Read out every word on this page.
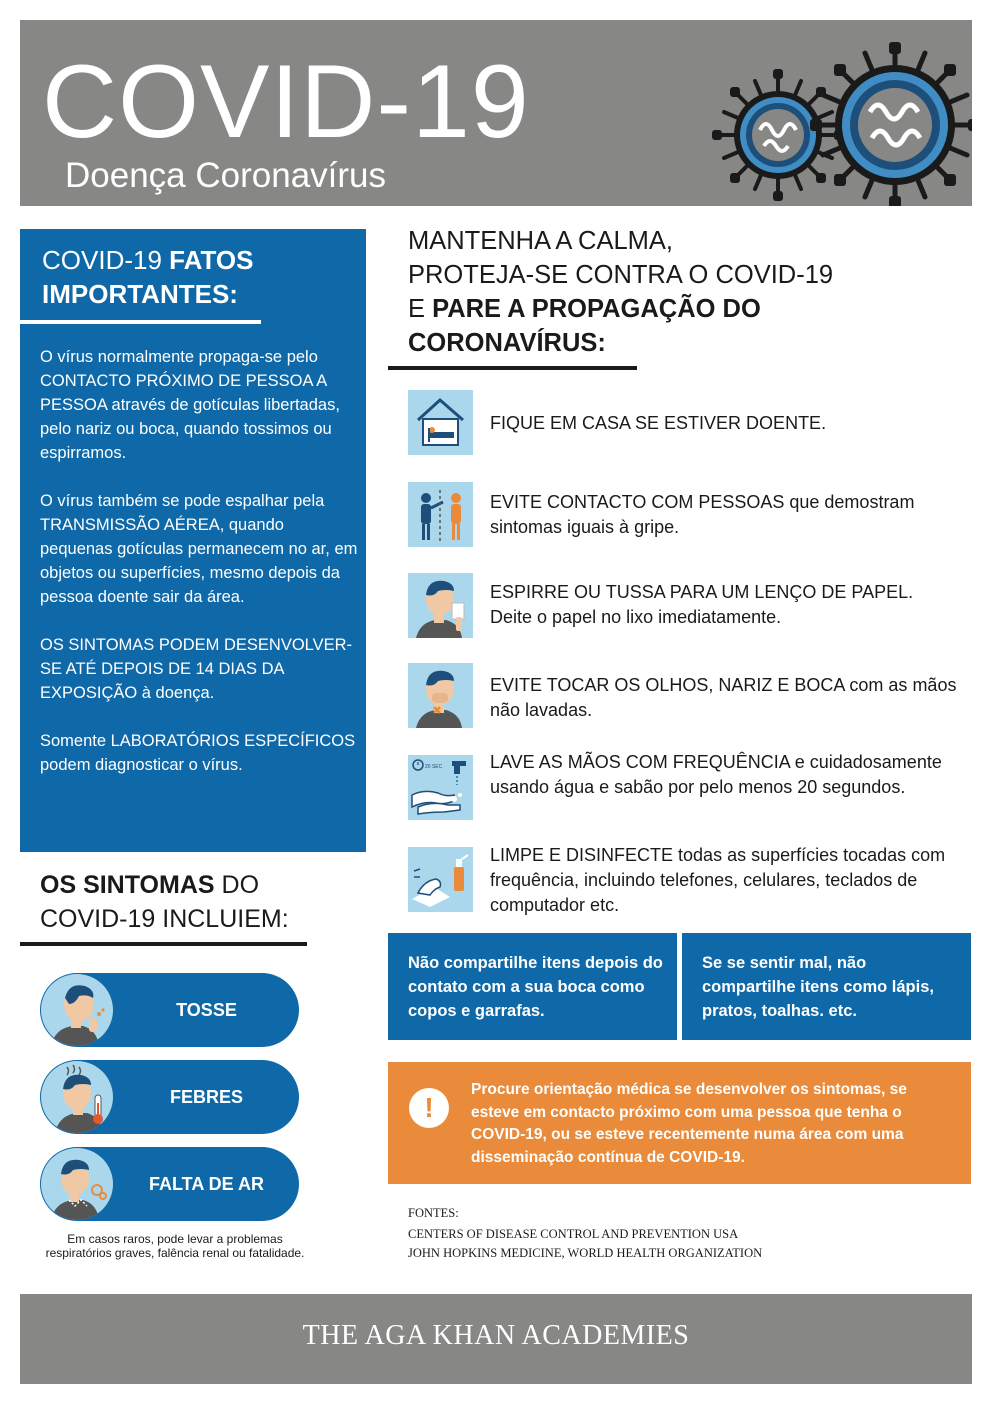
COVID-19
Doença Coronavírus
COVID-19 FATOS IMPORTANTES:

O vírus normalmente propaga-se pelo CONTACTO PRÓXIMO DE PESSOA A PESSOA através de gotículas libertadas, pelo nariz ou boca, quando tossimos ou espirramos.

O vírus também se pode espalhar pela TRANSMISSÃO AÉREA, quando pequenas gotículas permanecem no ar, em objetos ou superfícies, mesmo depois da pessoa doente sair da área.

OS SINTOMAS PODEM DESENVOLVER-SE ATÉ DEPOIS DE 14 DIAS DA EXPOSIÇÃO à doença.

Somente LABORATÓRIOS ESPECÍFICOS podem diagnosticar o vírus.

OS SINTOMAS DO COVID-19 INCLUIEM:
TOSSE
FEBRES
FALTA DE AR
Em casos raros, pode levar a problemas respiratórios graves, falência renal ou fatalidade.
MANTENHA A CALMA,
PROTEJA-SE CONTRA O COVID-19
E PARE A PROPAGAÇÃO DO CORONAVÍRUS:
FIQUE EM CASA SE ESTIVER DOENTE.
EVITE CONTACTO COM PESSOAS que demostram sintomas iguais à gripe.
ESPIRRE OU TUSSA PARA UM LENÇO DE PAPEL. Deite o papel no lixo imediatamente.
EVITE TOCAR OS OLHOS, NARIZ E BOCA com as mãos não lavadas.
20 SEC	LAVE AS MÃOS COM FREQUÊNCIA e cuidadosamente usando água e sabão por pelo menos 20 segundos.
LIMPE E DISINFECTE todas as superfícies tocadas com frequência, incluindo telefones, celulares, teclados de computador etc.
Não compartilhe itens depois do contato com a sua boca como copos e garrafas.
Se se sentir mal, não compartilhe itens como lápis, pratos, toalhas. etc.
!
Procure orientação médica se desenvolver os sintomas, se esteve em contacto próximo com uma pessoa que tenha o COVID-19, ou se esteve recentemente numa área com uma disseminação contínua de COVID-19.
FONTES:
CENTERS OF DISEASE CONTROL AND PREVENTION USA
JOHN HOPKINS MEDICINE, WORLD HEALTH ORGANIZATION
THE AGA KHAN ACADEMIES
